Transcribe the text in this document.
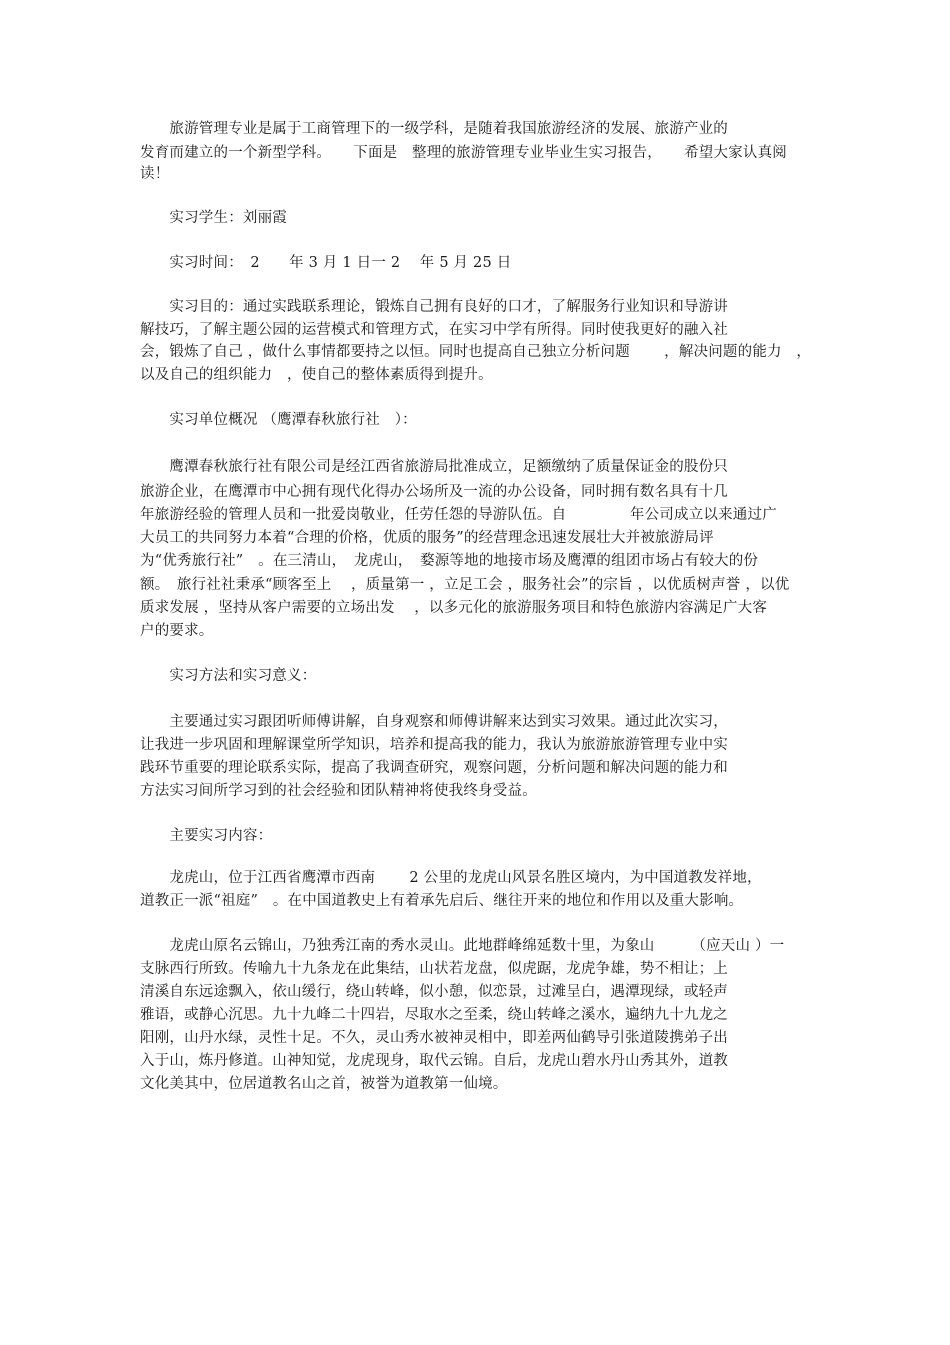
　　旅游管理专业是属于工商管理下的一级学科，是随着我国旅游经济的发展、旅游产业的
发育而建立的一个新型学科。　　下面是　整理的旅游管理专业毕业生实习报告，　　希望大家认真阅
读！
　　实习学生：刘丽霞
　　实习时间：　2　　年 3 月 1 日一 2　 年 5 月 25 日
　　实习目的：通过实践联系理论，锻炼自己拥有良好的口才，了解服务行业知识和导游讲
解技巧，了解主题公园的运营模式和管理方式，在实习中学有所得。同时使我更好的融入社
会，锻炼了自己 ，做什么事情都要持之以恒。同时也提高自己独立分析问题　　 ，解决问题的能力　，
以及自己的组织能力　，使自己的整体素质得到提升。
　　实习单位概况 （鹰潭春秋旅行社　）：
　　鹰潭春秋旅行社有限公司是经江西省旅游局批准成立，足额缴纳了质量保证金的股份只
旅游企业，在鹰潭市中心拥有现代化得办公场所及一流的办公设备，同时拥有数名具有十几
年旅游经验的管理人员和一批爱岗敬业，任劳任怨的导游队伍。自　　　　 年公司成立以来通过广
大员工的共同努力本着“合理的价格，优质的服务”的经营理念迅速发展壮大并被旅游局评
为“优秀旅行社”　。在三清山，　龙虎山，　婺源等地的地接市场及鹰潭的组团市场占有较大的份
额。　旅行社社秉承“顾客至上　 ，质量第一 ，立足工会 ，服务社会”的宗旨 ，以优质树声誉 ，以优
质求发展 ，坚持从客户需要的立场出发　 ，以多元化的旅游服务项目和特色旅游内容满足广大客
户的要求。
　　实习方法和实习意义：
　　主要通过实习跟团听师傅讲解，自身观察和师傅讲解来达到实习效果。通过此次实习，
让我进一步巩固和理解课堂所学知识，培养和提高我的能力，我认为旅游旅游管理专业中实
践环节重要的理论联系实际，提高了我调查研究，观察问题，分析问题和解决问题的能力和
方法实习间所学习到的社会经验和团队精神将使我终身受益。
　　主要实习内容：
　　龙虎山，位于江西省鹰潭市西南　　 2 公里的龙虎山风景名胜区境内，为中国道教发祥地，
道教正一派“祖庭”　。在中国道教史上有着承先启后、继往开来的地位和作用以及重大影响。
　　龙虎山原名云锦山，乃独秀江南的秀水灵山。此地群峰绵延数十里，为象山　　　（应天山 ）一
支脉西行所致。传喻九十九条龙在此集结，山状若龙盘，似虎踞，龙虎争雄，势不相让；上
清溪自东远途飘入，依山缓行，绕山转峰，似小憩，似恋景，过滩呈白，遇潭现绿，或轻声
雅语，或静心沉思。九十九峰二十四岩，尽取水之至柔，绕山转峰之溪水，遍纳九十九龙之
阳刚，山丹水绿，灵性十足。不久，灵山秀水被神灵相中，即差两仙鹤导引张道陵携弟子出
入于山，炼丹修道。山神知觉，龙虎现身，取代云锦。自后，龙虎山碧水丹山秀其外，道教
文化美其中，位居道教名山之首，被誉为道教第一仙境。
